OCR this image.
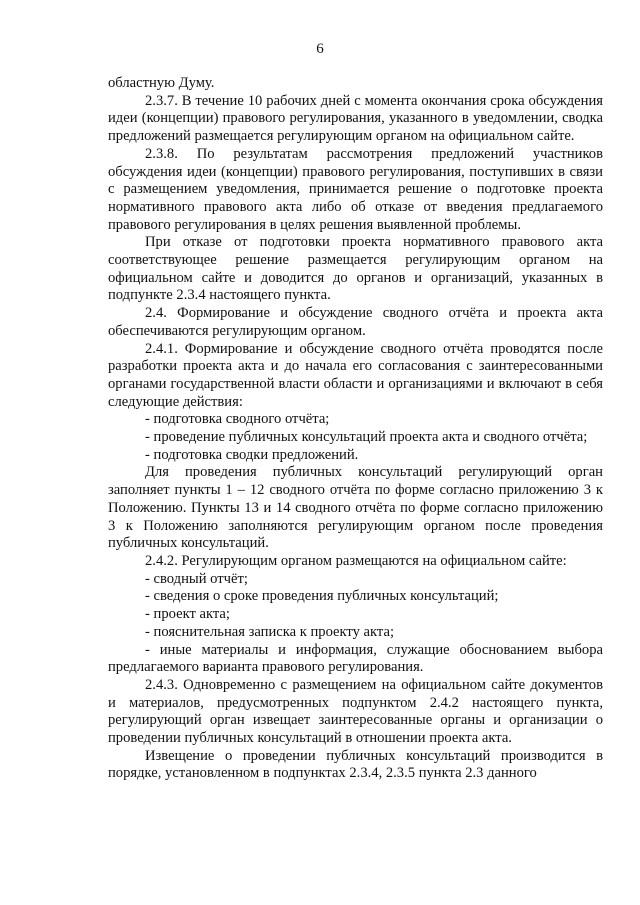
6

областную Думу.

2.3.7. В течение 10 рабочих дней с момента окончания срока обсуждения идеи (концепции) правового регулирования, указанного в уведомлении, сводка предложений размещается регулирующим органом на официальном сайте.

2.3.8. По результатам рассмотрения предложений участников обсуждения идеи (концепции) правового регулирования, поступивших в связи с размещением уведомления, принимается решение о подготовке проекта нормативного правового акта либо об отказе от введения предлагаемого правового регулирования в целях решения выявленной проблемы.

При отказе от подготовки проекта нормативного правового акта соответствующее решение размещается регулирующим органом на официальном сайте и доводится до органов и организаций, указанных в подпункте 2.3.4 настоящего пункта.

2.4. Формирование и обсуждение сводного отчёта и проекта акта обеспечиваются регулирующим органом.

2.4.1. Формирование и обсуждение сводного отчёта проводятся после разработки проекта акта и до начала его согласования с заинтересованными органами государственной власти области и организациями и включают в себя следующие действия:

- подготовка сводного отчёта;

- проведение публичных консультаций проекта акта и сводного отчёта;

- подготовка сводки предложений.

Для проведения публичных консультаций регулирующий орган заполняет пункты 1 – 12 сводного отчёта по форме согласно приложению 3 к Положению. Пункты 13 и 14 сводного отчёта по форме согласно приложению 3 к Положению заполняются регулирующим органом после проведения публичных консультаций.

2.4.2. Регулирующим органом размещаются на официальном сайте:

- сводный отчёт;

- сведения о сроке проведения публичных консультаций;

- проект акта;

- пояснительная записка к проекту акта;

- иные материалы и информация, служащие обоснованием выбора предлагаемого варианта правового регулирования.

2.4.3. Одновременно с размещением на официальном сайте документов и материалов, предусмотренных подпунктом 2.4.2 настоящего пункта, регулирующий орган извещает заинтересованные органы и организации о проведении публичных консультаций в отношении проекта акта.

Извещение о проведении публичных консультаций производится в порядке, установленном в подпунктах 2.3.4, 2.3.5 пункта 2.3 данного
